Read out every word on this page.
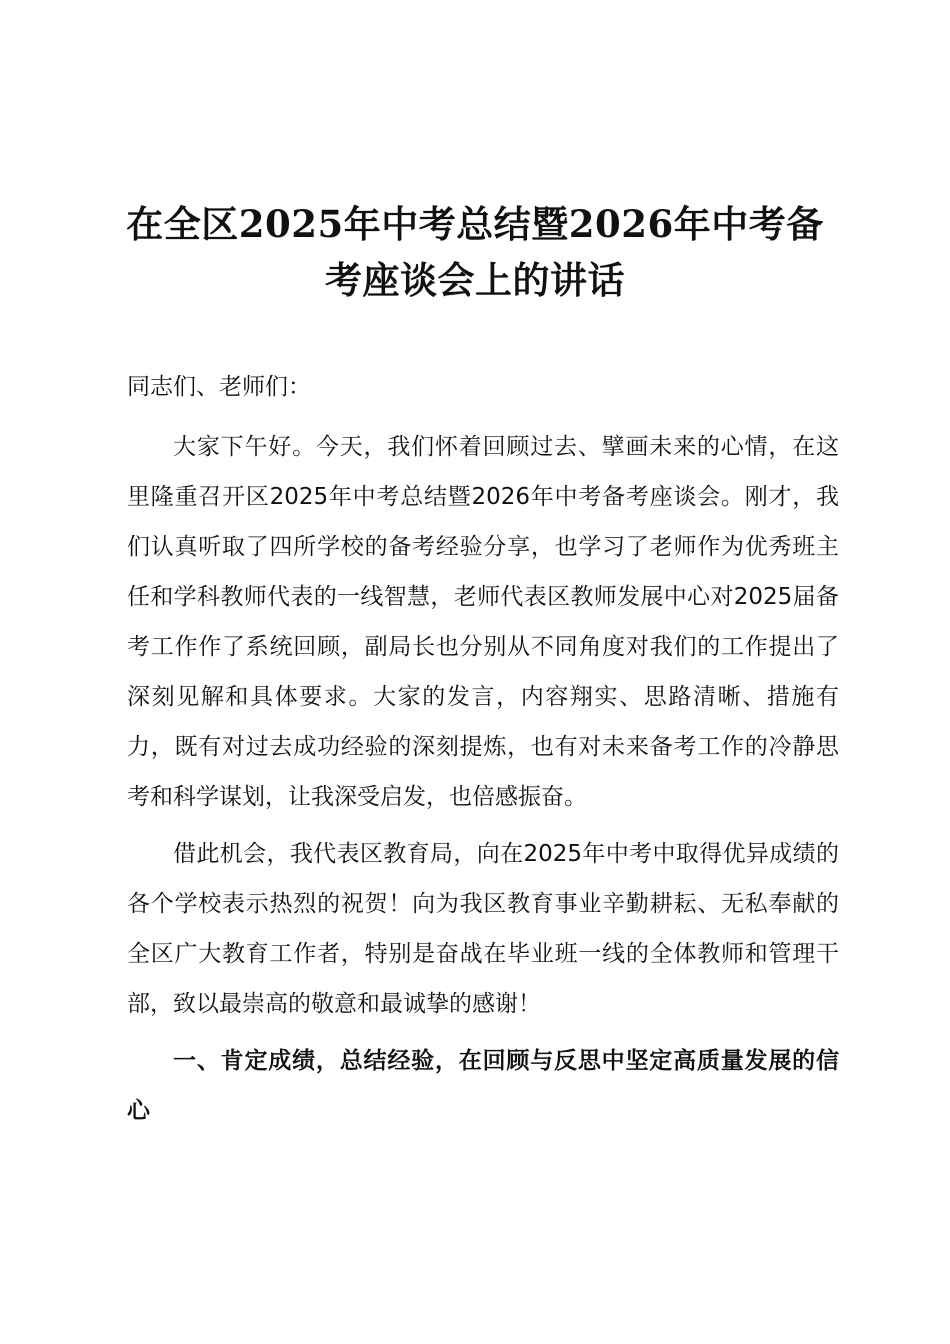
在全区2025年中考总结暨2026年中考备考座谈会上的讲话

同志们、老师们：

大家下午好。今天，我们怀着回顾过去、擘画未来的心情，在这里隆重召开区2025年中考总结暨2026年中考备考座谈会。刚才，我们认真听取了四所学校的备考经验分享，也学习了老师作为优秀班主任和学科教师代表的一线智慧，老师代表区教师发展中心对2025届备考工作作了系统回顾，副局长也分别从不同角度对我们的工作提出了深刻见解和具体要求。大家的发言，内容翔实、思路清晰、措施有力，既有对过去成功经验的深刻提炼，也有对未来备考工作的冷静思考和科学谋划，让我深受启发，也倍感振奋。

借此机会，我代表区教育局，向在2025年中考中取得优异成绩的各个学校表示热烈的祝贺！向为我区教育事业辛勤耕耘、无私奉献的全区广大教育工作者，特别是奋战在毕业班一线的全体教师和管理干部，致以最崇高的敬意和最诚挚的感谢！

一、肯定成绩，总结经验，在回顾与反思中坚定高质量发展的信心
